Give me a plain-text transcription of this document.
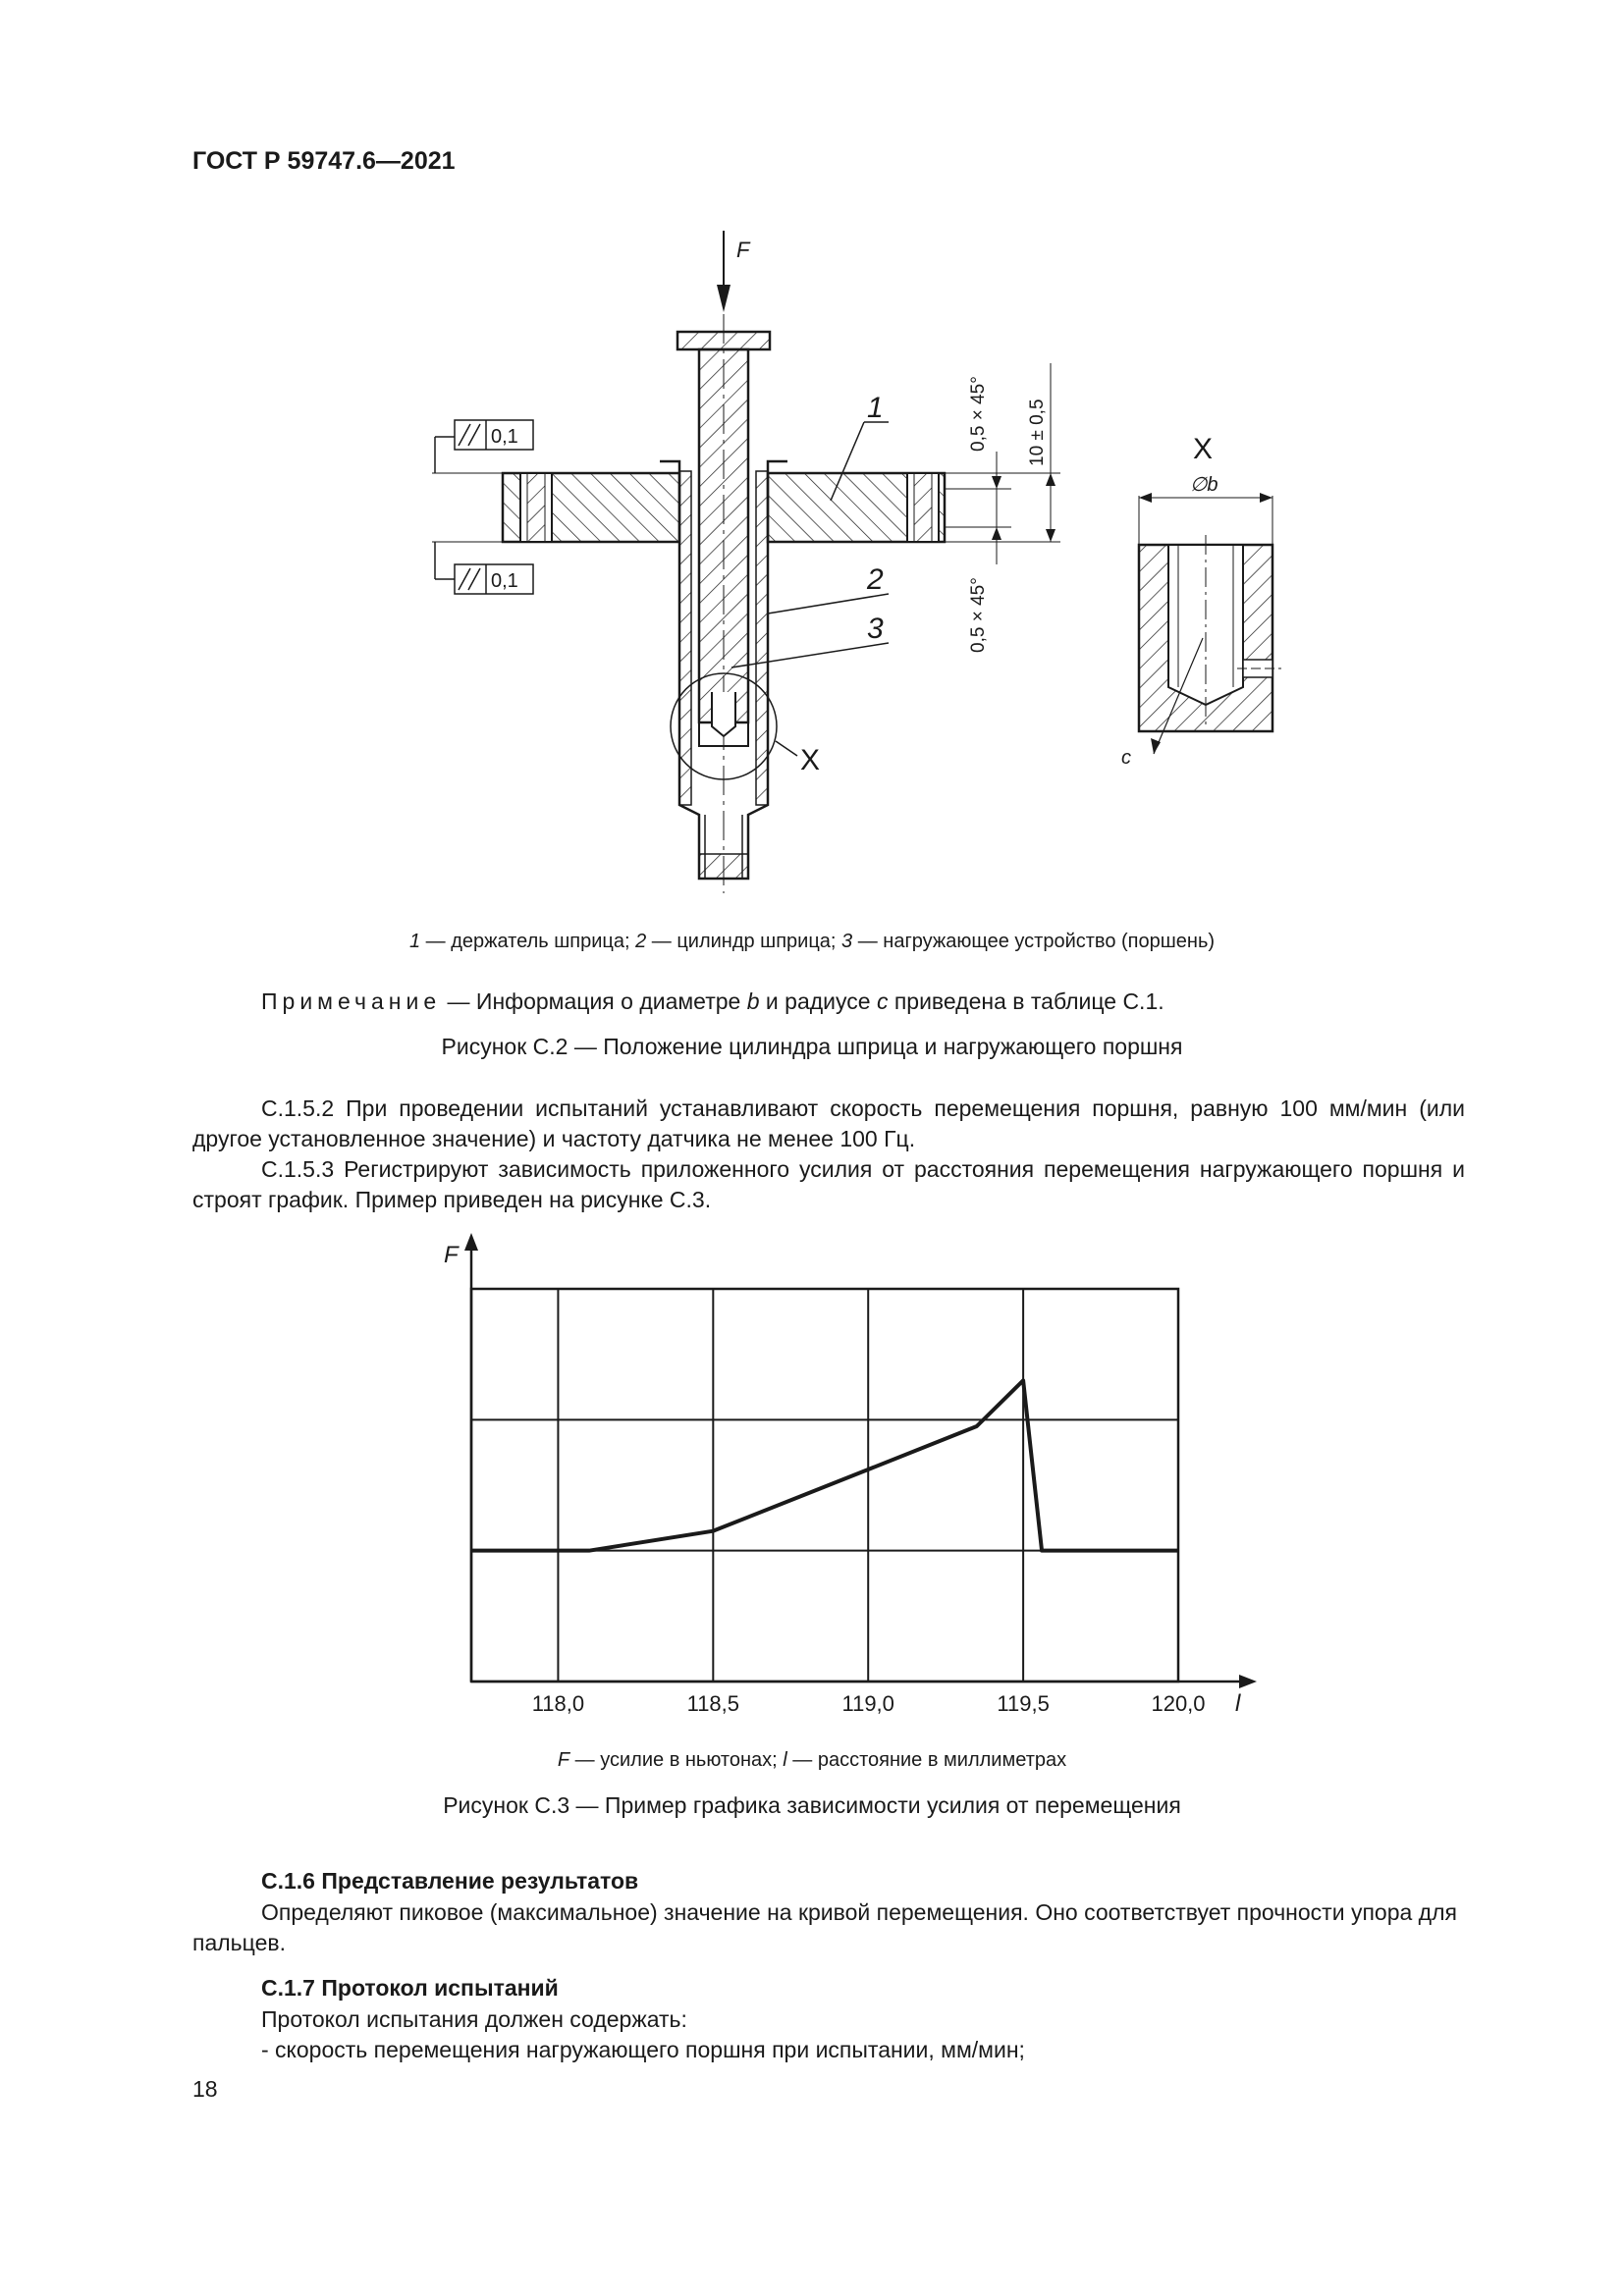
ГОСТ Р 59747.6—2021
F
X
1
2
3
0,1
0,1
0,5 × 45°
0,5 × 45°
10 ± 0,5	X
∅b
c
1 — держатель шприца; 2 — цилиндр шприца; 3 — нагружающее устройство (поршень)
Примечание — Информация о диаметре b и радиусе c приведена в таблице С.1.
Рисунок С.2 — Положение цилиндра шприца и нагружающего поршня
С.1.5.2 При проведении испытаний устанавливают скорость перемещения поршня, равную 100 мм/мин (или другое установленное значение) и частоту датчика не менее 100 Гц.
С.1.5.3 Регистрируют зависимость приложенного усилия от расстояния перемещения нагружающего поршня и строят график. Пример приведен на рисунке С.3.
118,0	118,5	119,0	119,5	120,0
F
l
F — усилие в ньютонах; l — расстояние в миллиметрах
Рисунок С.3 — Пример графика зависимости усилия от перемещения
С.1.6 Представление результатов
Определяют пиковое (максимальное) значение на кривой перемещения. Оно соответствует прочности упора для пальцев.
С.1.7 Протокол испытаний
Протокол испытания должен содержать:
- скорость перемещения нагружающего поршня при испытании, мм/мин;
18
